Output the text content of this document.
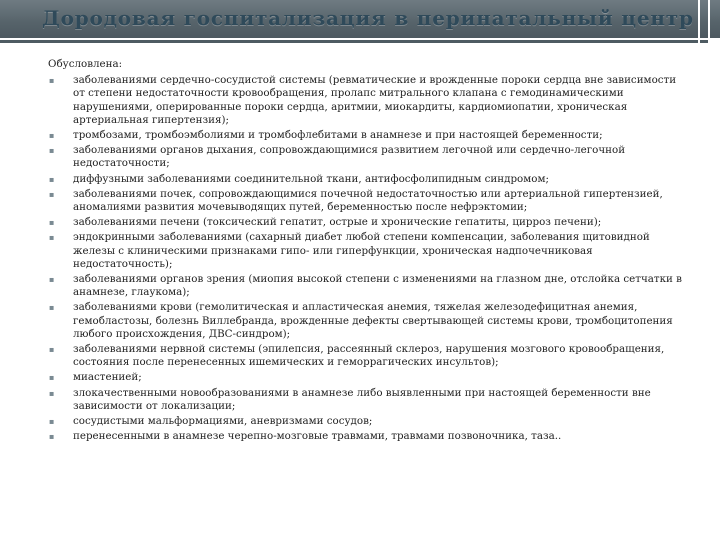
Дородовая госпитализация в перинатальный центр

Обусловлена:

▪ заболеваниями сердечно-сосудистой системы (ревматические и врожденные пороки сердца вне зависимости от степени недостаточности кровообращения, пролапс митрального клапана с гемодинамическими нарушениями, оперированные пороки сердца, аритмии, миокардиты, кардиомиопатии, хроническая артериальная гипертензия);
▪ тромбозами, тромбоэмболиями и тромбофлебитами в анамнезе и при настоящей беременности;
▪ заболеваниями органов дыхания, сопровождающимися развитием легочной или сердечно-легочной недостаточности;
▪ диффузными заболеваниями соединительной ткани, антифосфолипидным синдромом;
▪ заболеваниями почек, сопровождающимися почечной недостаточностью или артериальной гипертензией, аномалиями развития мочевыводящих путей, беременностью после нефрэктомии;
▪ заболеваниями печени (токсический гепатит, острые и хронические гепатиты, цирроз печени);
▪ эндокринными заболеваниями (сахарный диабет любой степени компенсации, заболевания щитовидной железы с клиническими признаками гипо- или гиперфункции, хроническая надпочечниковая недостаточность);
▪ заболеваниями органов зрения (миопия высокой степени с изменениями на глазном дне, отслойка сетчатки в анамнезе, глаукома);
▪ заболеваниями крови (гемолитическая и апластическая анемия, тяжелая железодефицитная анемия, гемобластозы, болезнь Виллебранда, врожденные дефекты свертывающей системы крови, тромбоцитопения любого происхождения, ДВС-синдром);
▪ заболеваниями нервной системы (эпилепсия, рассеянный склероз, нарушения мозгового кровообращения, состояния после перенесенных ишемических и геморрагических инсультов);
▪ миастенией;
▪ злокачественными новообразованиями в анамнезе либо выявленными при настоящей беременности вне зависимости от локализации;
▪ сосудистыми мальформациями, аневризмами сосудов;
▪ перенесенными в анамнезе черепно-мозговые травмами, травмами позвоночника, таза..
